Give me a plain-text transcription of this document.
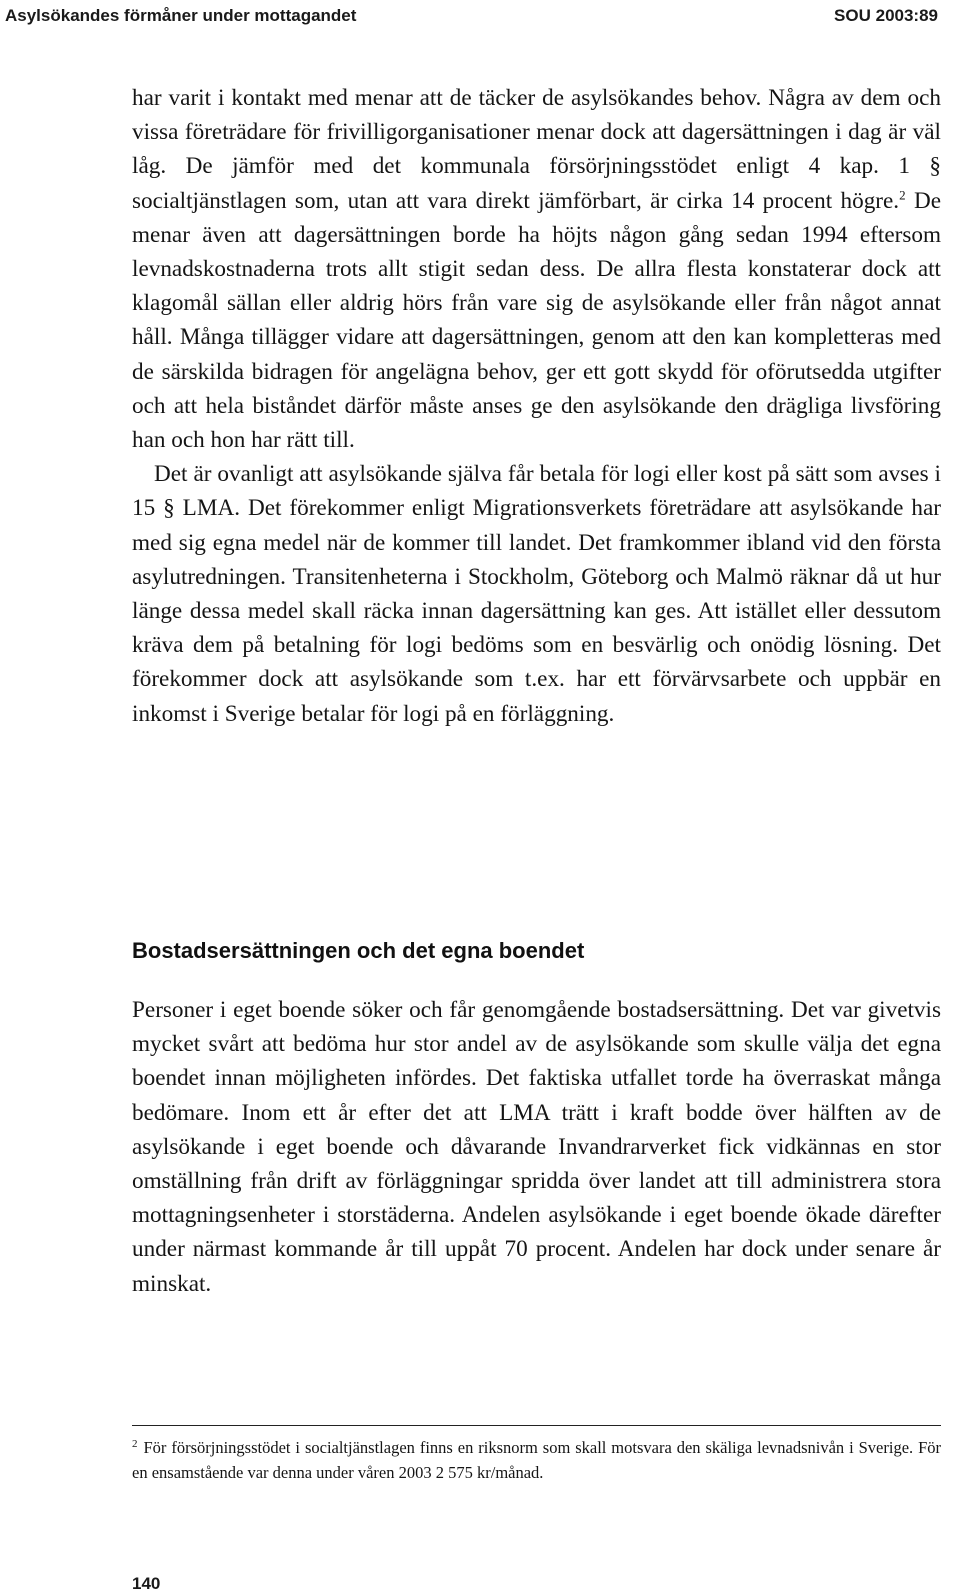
Asylsökandes förmåner under mottagandet	SOU 2003:89

har varit i kontakt med menar att de täcker de asylsökandes behov. Några av dem och vissa företrädare för frivilligorganisationer menar dock att dagersättningen i dag är väl låg. De jämför med det kommunala försörjningsstödet enligt 4 kap. 1 § socialtjänstlagen som, utan att vara direkt jämförbart, är cirka 14 procent högre.$^2$ De menar även att dagersättningen borde ha höjts någon gång sedan 1994 eftersom levnadskostnaderna trots allt stigit sedan dess. De allra flesta konstaterar dock att klagomål sällan eller aldrig hörs från vare sig de asylsökande eller från något annat håll. Många tillägger vidare att dagersättningen, genom att den kan kompletteras med de särskilda bidragen för angelägna behov, ger ett gott skydd för oförutsedda utgifter och att hela biståndet därför måste anses ge den asylsökande den drägliga livsföring han och hon har rätt till.

Det är ovanligt att asylsökande själva får betala för logi eller kost på sätt som avses i 15 § LMA. Det förekommer enligt Migrationsverkets företrädare att asylsökande har med sig egna medel när de kommer till landet. Det framkommer ibland vid den första asylutredningen. Transitenheterna i Stockholm, Göteborg och Malmö räknar då ut hur länge dessa medel skall räcka innan dagersättning kan ges. Att istället eller dessutom kräva dem på betalning för logi bedöms som en besvärlig och onödig lösning. Det förekommer dock att asylsökande som t.ex. har ett förvärvsarbete och uppbär en inkomst i Sverige betalar för logi på en förläggning.

Bostadsersättningen och det egna boendet

Personer i eget boende söker och får genomgående bostadsersättning. Det var givetvis mycket svårt att bedöma hur stor andel av de asylsökande som skulle välja det egna boendet innan möjligheten infördes. Det faktiska utfallet torde ha överraskat många bedömare. Inom ett år efter det att LMA trätt i kraft bodde över hälften av de asylsökande i eget boende och dåvarande Invandrarverket fick vidkännas en stor omställning från drift av förläggningar spridda över landet att till administrera stora mottagningsenheter i storstäderna. Andelen asylsökande i eget boende ökade därefter under närmast kommande år till uppåt 70 procent. Andelen har dock under senare år minskat.

$^2$ För försörjningsstödet i socialtjänstlagen finns en riksnorm som skall motsvara den skäliga levnadsnivån i Sverige. För en ensamstående var denna under våren 2003 2 575 kr/månad.

140
